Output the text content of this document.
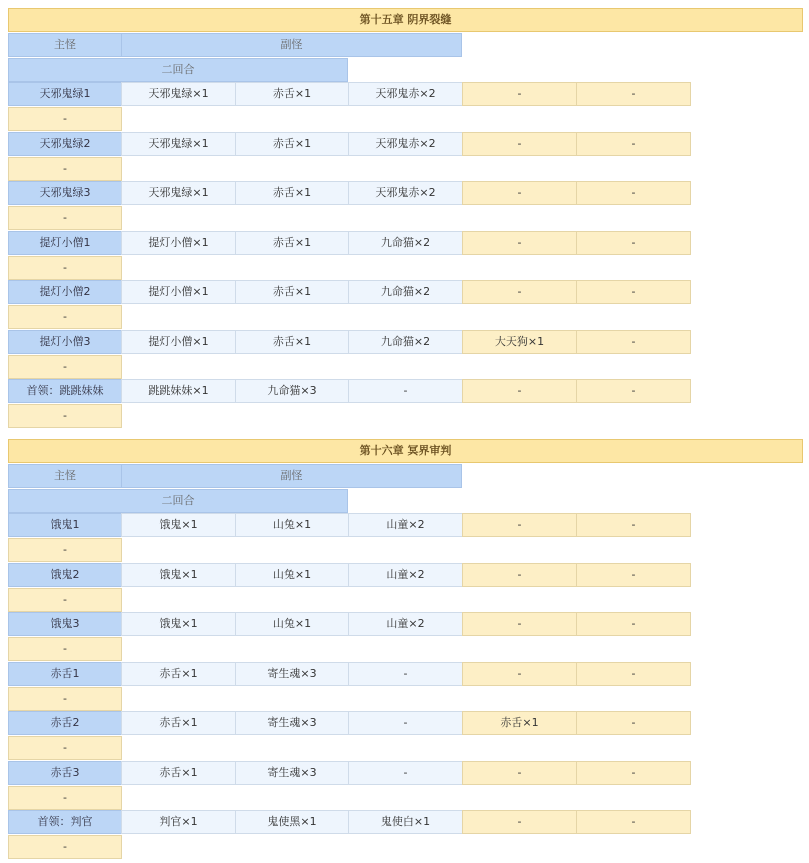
第十五章 阴界裂缝
主怪	副怪
二回合
天邪鬼绿1	天邪鬼绿×1	赤舌×1	天邪鬼赤×2	-	-
-
天邪鬼绿2	天邪鬼绿×1	赤舌×1	天邪鬼赤×2	-	-
-
天邪鬼绿3	天邪鬼绿×1	赤舌×1	天邪鬼赤×2	-	-
-
提灯小僧1	提灯小僧×1	赤舌×1	九命猫×2	-	-
-
提灯小僧2	提灯小僧×1	赤舌×1	九命猫×2	-	-
-
提灯小僧3	提灯小僧×1	赤舌×1	九命猫×2	大天狗×1	-
-
首领：跳跳妹妹	跳跳妹妹×1	九命猫×3	-	-	-
-
第十六章 冥界审判
主怪	副怪
二回合
饿鬼1	饿鬼×1	山兔×1	山童×2	-	-
-
饿鬼2	饿鬼×1	山兔×1	山童×2	-	-
-
饿鬼3	饿鬼×1	山兔×1	山童×2	-	-
-
赤舌1	赤舌×1	寄生魂×3	-	-	-
-
赤舌2	赤舌×1	寄生魂×3	-	赤舌×1	-
-
赤舌3	赤舌×1	寄生魂×3	-	-	-
-
首领：判官	判官×1	鬼使黑×1	鬼使白×1	-	-
-
